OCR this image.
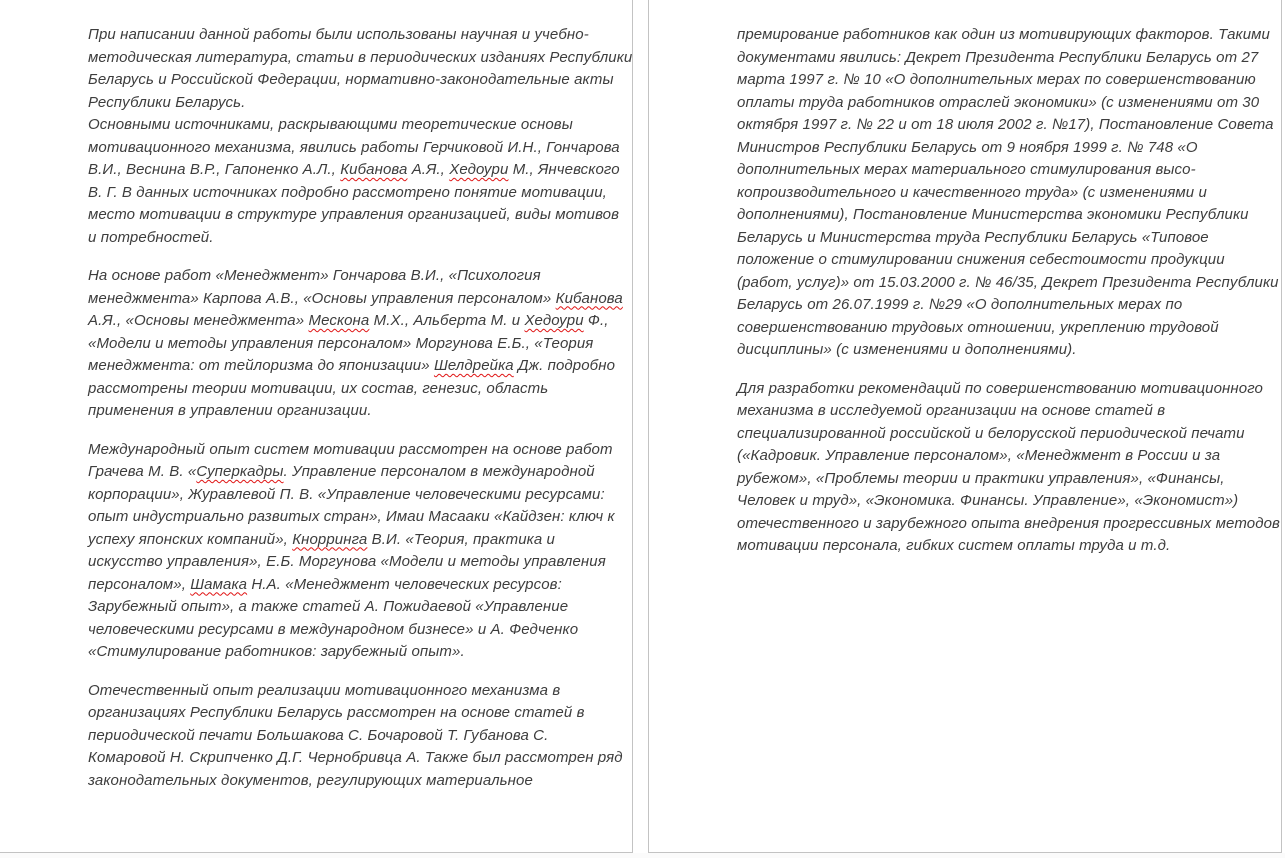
При написании данной работы были использованы научная и учебно-
методическая литература, статьи в периодических изданиях Республики
Беларусь и Российской Федерации, нормативно-законодательные акты
Республики Беларусь.
Основными источниками, раскрывающими теоретические основы
мотивационного механизма, явились работы Герчиковой И.Н., Гончарова
В.И., Веснина В.Р., Гапоненко А.Л., Кибанова А.Я., Хедоури М., Янчевского
В. Г. В данных источниках подробно рассмотрено понятие мотивации,
место мотивации в структуре управления организацией, виды мотивов
и потребностей.
На основе работ «Менеджмент» Гончарова В.И., «Психология
менеджмента» Карпова А.В., «Основы управления персоналом» Кибанова
А.Я., «Основы менеджмента» Мескона М.Х., Альберта М. и Хедоури Ф.,
«Модели и методы управления персоналом» Моргунова Е.Б., «Теория
менеджмента: от тейлоризма до японизации» Шелдрейка Дж. подробно
рассмотрены теории мотивации, их состав, генезис, область
применения в управлении организации.
Международный опыт систем мотивации рассмотрен на основе работ
Грачева М. В. «Суперкадры. Управление персоналом в международной
корпорации», Журавлевой П. В. «Управление человеческими ресурсами:
опыт индустриально развитых стран», Имаи Масааки «Кайдзен: ключ к
успеху японских компаний», Кнорринга В.И. «Теория, практика и
искусство управления», Е.Б. Моргунова «Модели и методы управления
персоналом», Шамака Н.А. «Менеджмент человеческих ресурсов:
Зарубежный опыт», а также статей А. Пожидаевой «Управление
человеческими ресурсами в международном бизнесе» и А. Федченко
«Стимулирование работников: зарубежный опыт».
Отечественный опыт реализации мотивационного механизма в
организациях Республики Беларусь рассмотрен на основе статей в
периодической печати Большакова С. Бочаровой Т. Губанова С.
Комаровой Н. Скрипченко Д.Г. Чернобривца А. Также был рассмотрен ряд
законодательных документов, регулирующих материальное
премирование работников как один из мотивирующих факторов. Такими
документами явились: Декрет Президента Республики Беларусь от 27
марта 1997 г. № 10 «О дополнительных мерах по совершенствованию
оплаты труда работников отраслей экономики» (с изменениями от 30
октября 1997 г. № 22 и от 18 июля 2002 г. №17), Постановление Совета
Министров Республики Беларусь от 9 ноября 1999 г. № 748 «О
дополнительных мерах материального стимулирования высо-
копроизводительного и качественного труда» (с изменениями и
дополнениями), Постановление Министерства экономики Республики
Беларусь и Министерства труда Республики Беларусь «Типовое
положение о стимулировании снижения себестоимости продукции
(работ, услуг)» от 15.03.2000 г. № 46/35, Декрет Президента Республики
Беларусь от 26.07.1999 г. №29 «О дополнительных мерах по
совершенствованию трудовых отношении, укреплению трудовой
дисциплины» (с изменениями и дополнениями).
Для разработки рекомендаций по совершенствованию мотивационного
механизма в исследуемой организации на основе статей в
специализированной российской и белорусской периодической печати
(«Кадровик. Управление персоналом», «Менеджмент в России и за
рубежом», «Проблемы теории и практики управления», «Финансы,
Человек и труд», «Экономика. Финансы. Управление», «Экономист»)
отечественного и зарубежного опыта внедрения прогрессивных методов
мотивации персонала, гибких систем оплаты труда и т.д.
